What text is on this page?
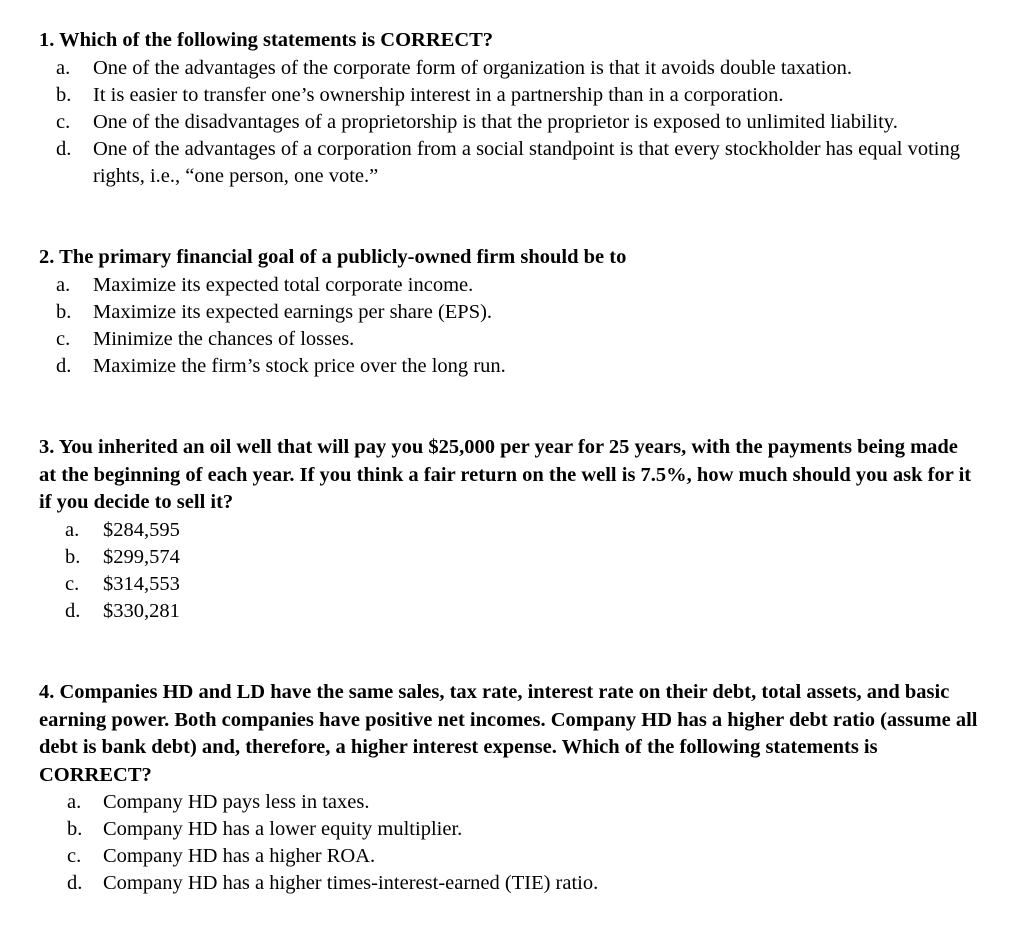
1. Which of the following statements is CORRECT?

a. One of the advantages of the corporate form of organization is that it avoids double taxation.
b. It is easier to transfer one’s ownership interest in a partnership than in a corporation.
c. One of the disadvantages of a proprietorship is that the proprietor is exposed to unlimited liability.
d. One of the advantages of a corporation from a social standpoint is that every stockholder has equal voting rights, i.e., “one person, one vote.”

2. The primary financial goal of a publicly-owned firm should be to

a. Maximize its expected total corporate income.
b. Maximize its expected earnings per share (EPS).
c. Minimize the chances of losses.
d. Maximize the firm’s stock price over the long run.

3. You inherited an oil well that will pay you $25,000 per year for 25 years, with the payments being made at the beginning of each year. If you think a fair return on the well is 7.5%, how much should you ask for it if you decide to sell it?

a. $284,595
b. $299,574
c. $314,553
d. $330,281

4. Companies HD and LD have the same sales, tax rate, interest rate on their debt, total assets, and basic earning power. Both companies have positive net incomes. Company HD has a higher debt ratio (assume all debt is bank debt) and, therefore, a higher interest expense. Which of the following statements is CORRECT?

a. Company HD pays less in taxes.
b. Company HD has a lower equity multiplier.
c. Company HD has a higher ROA.
d. Company HD has a higher times-interest-earned (TIE) ratio.
